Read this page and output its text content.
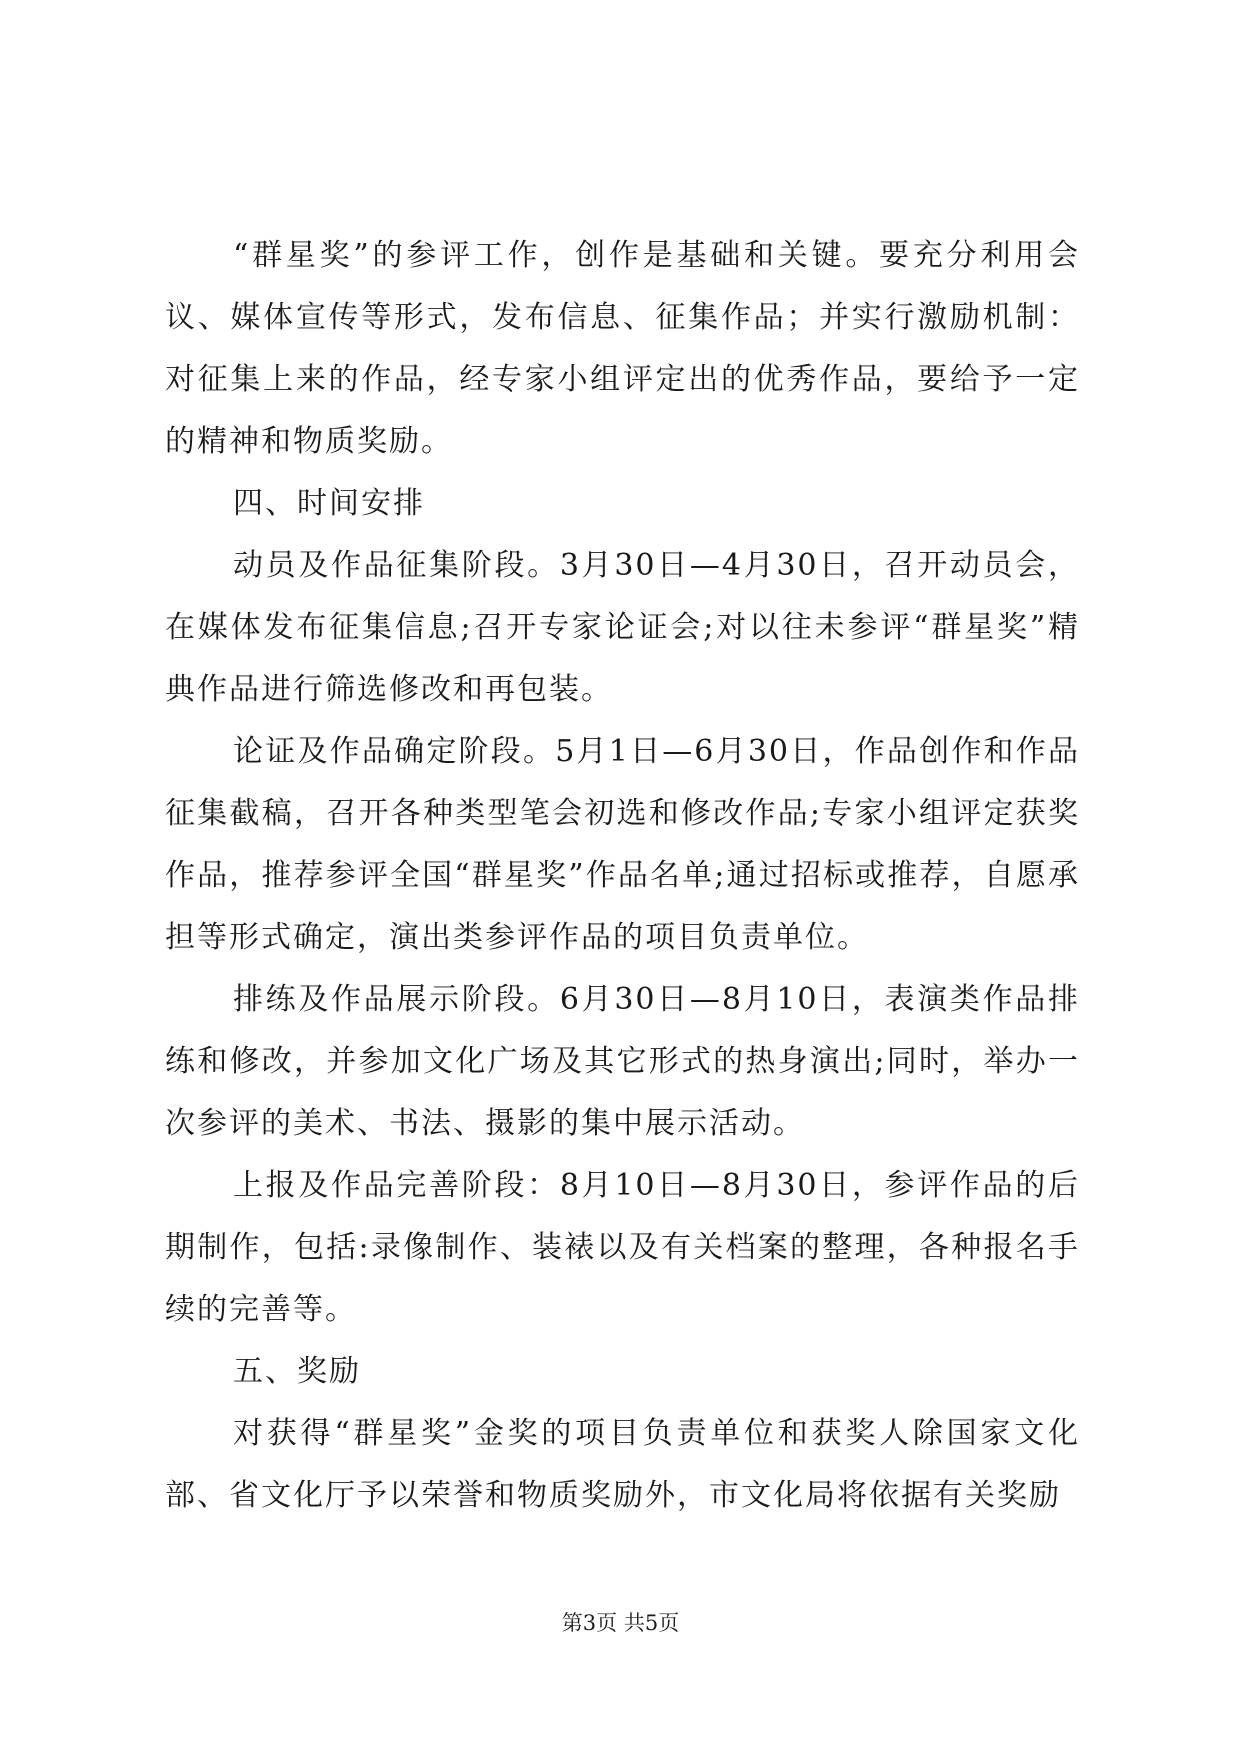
“群星奖”的参评工作，创作是基础和关键。要充分利用会议、媒体宣传等形式，发布信息、征集作品；并实行激励机制：对征集上来的作品，经专家小组评定出的优秀作品，要给予一定的精神和物质奖励。

四、时间安排

动员及作品征集阶段。3月30日—4月30日，召开动员会，在媒体发布征集信息;召开专家论证会;对以往未参评“群星奖”精典作品进行筛选修改和再包装。

论证及作品确定阶段。5月1日—6月30日，作品创作和作品征集截稿，召开各种类型笔会初选和修改作品;专家小组评定获奖作品，推荐参评全国“群星奖”作品名单;通过招标或推荐，自愿承担等形式确定，演出类参评作品的项目负责单位。

排练及作品展示阶段。6月30日—8月10日，表演类作品排练和修改，并参加文化广场及其它形式的热身演出;同时，举办一次参评的美术、书法、摄影的集中展示活动。

上报及作品完善阶段：8月10日—8月30日，参评作品的后期制作，包括:录像制作、装裱以及有关档案的整理，各种报名手续的完善等。

五、奖励

对获得“群星奖”金奖的项目负责单位和获奖人除国家文化部、省文化厅予以荣誉和物质奖励外，市文化局将依据有关奖励

第3页 共5页
